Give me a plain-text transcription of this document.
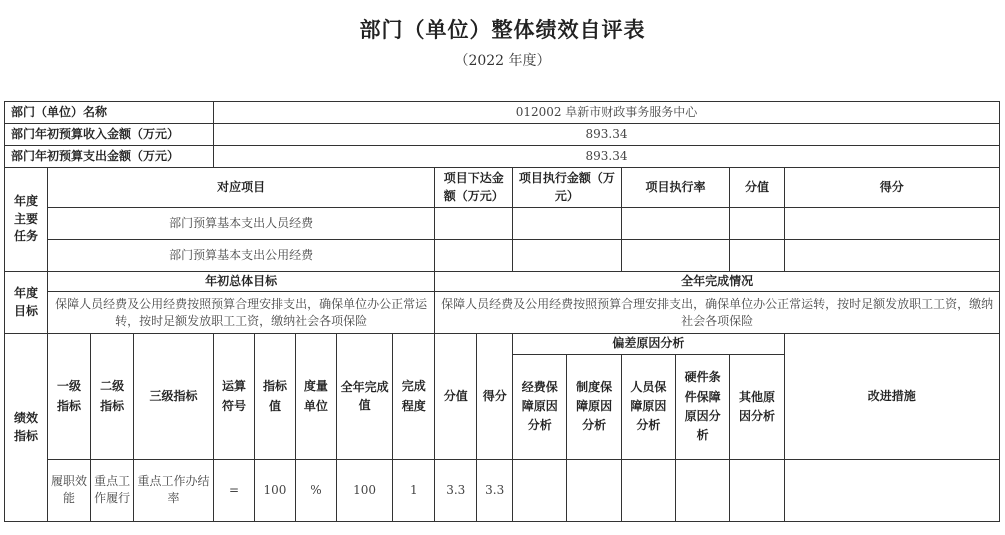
部门（单位）整体绩效自评表
（2022 年度）
部门（单位）名称				012002 阜新市财政事务服务中心												
部门年初预算收入金额（万元）				893.34												
部门年初预算支出金额（万元）				893.34												
年度主要任务	对应项目								项目下达金额（万元）		项目执行金额（万元）		项目执行率		分值	得分
	部门预算基本支出人员经费															
	部门预算基本支出公用经费															
年度目标	年初总体目标								全年完成情况							
	保障人员经费及公用经费按照预算合理安排支出，确保单位办公正常运转，按时足额发放职工工资，缴纳社会各项保险								保障人员经费及公用经费按照预算合理安排支出，确保单位办公正常运转，按时足额发放职工工资，缴纳社会各项保险							
绩效指标	一级指标	二级指标	三级指标	运算符号	指标值	度量单位	全年完成值	完成程度	分值	得分	偏差原因分析					改进措施
											经费保障原因分析	制度保障原因分析	人员保障原因分析	硬件条件保障原因分析	其他原因分析	
	履职效能	重点工作履行	重点工作办结率	=	100	%	100	1	3.3	3.3						
